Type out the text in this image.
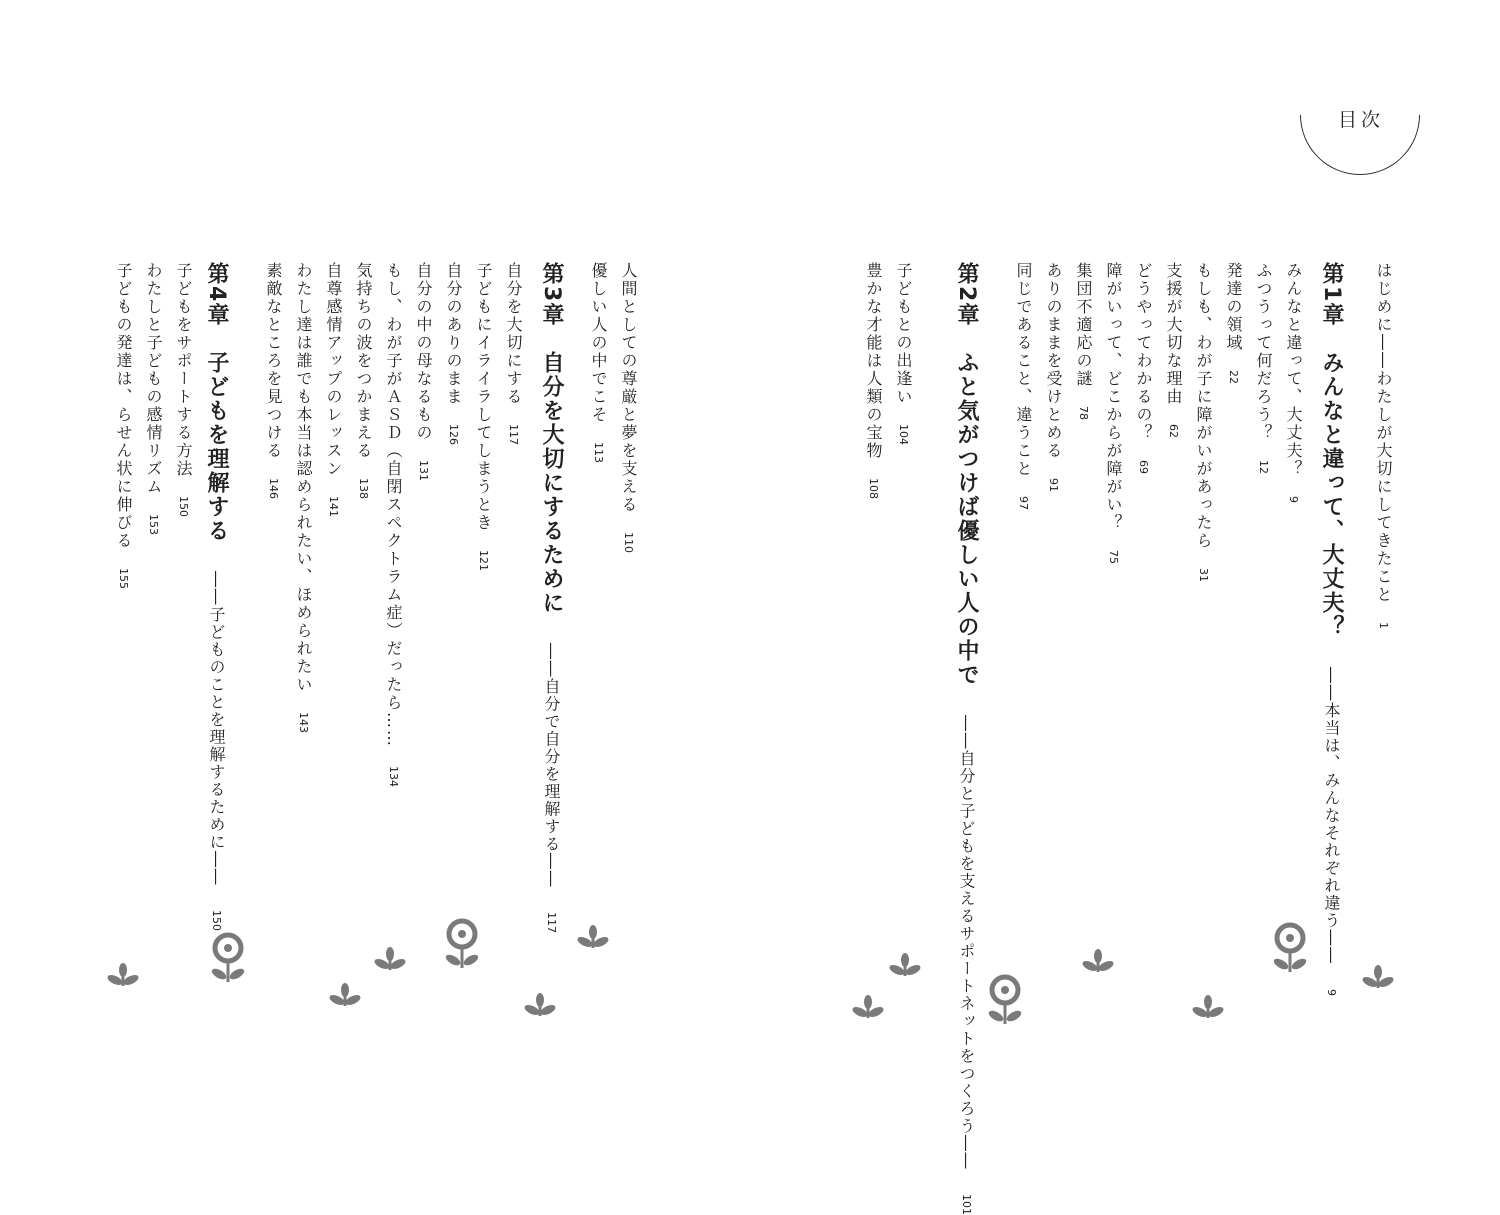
目次
はじめに――わたしが大切にしてきたこと1
第1章　みんなと違って、大丈夫？――本当は、みんなそれぞれ違う――9
みんなと違って、大丈夫？9
ふつうって何だろう？12
発達の領域22
もしも、わが子に障がいがあったら31
支援が大切な理由62
どうやってわかるの？69
障がいって、どこからが障がい？75
集団不適応の謎78
ありのままを受けとめる91
同じであること、違うこと97
第2章　ふと気がつけば優しい人の中で――自分と子どもを支えるサポートネットをつくろう――101
子どもとの出逢い104
豊かな才能は人類の宝物108
人間としての尊厳と夢を支える110
優しい人の中でこそ113
第3章　自分を大切にするために――自分で自分を理解する――117
自分を大切にする117
子どもにイライラしてしまうとき121
自分のありのまま126
自分の中の母なるもの131
もし、わが子がＡＳＤ（自閉スペクトラム症）だったら……134
気持ちの波をつかまえる138
自尊感情アップのレッスン141
わたし達は誰でも本当は認められたい、ほめられたい143
素敵なところを見つける146
第4章　子どもを理解する――子どものことを理解するために――150
子どもをサポートする方法150
わたしと子どもの感情リズム153
子どもの発達は、らせん状に伸びる155
